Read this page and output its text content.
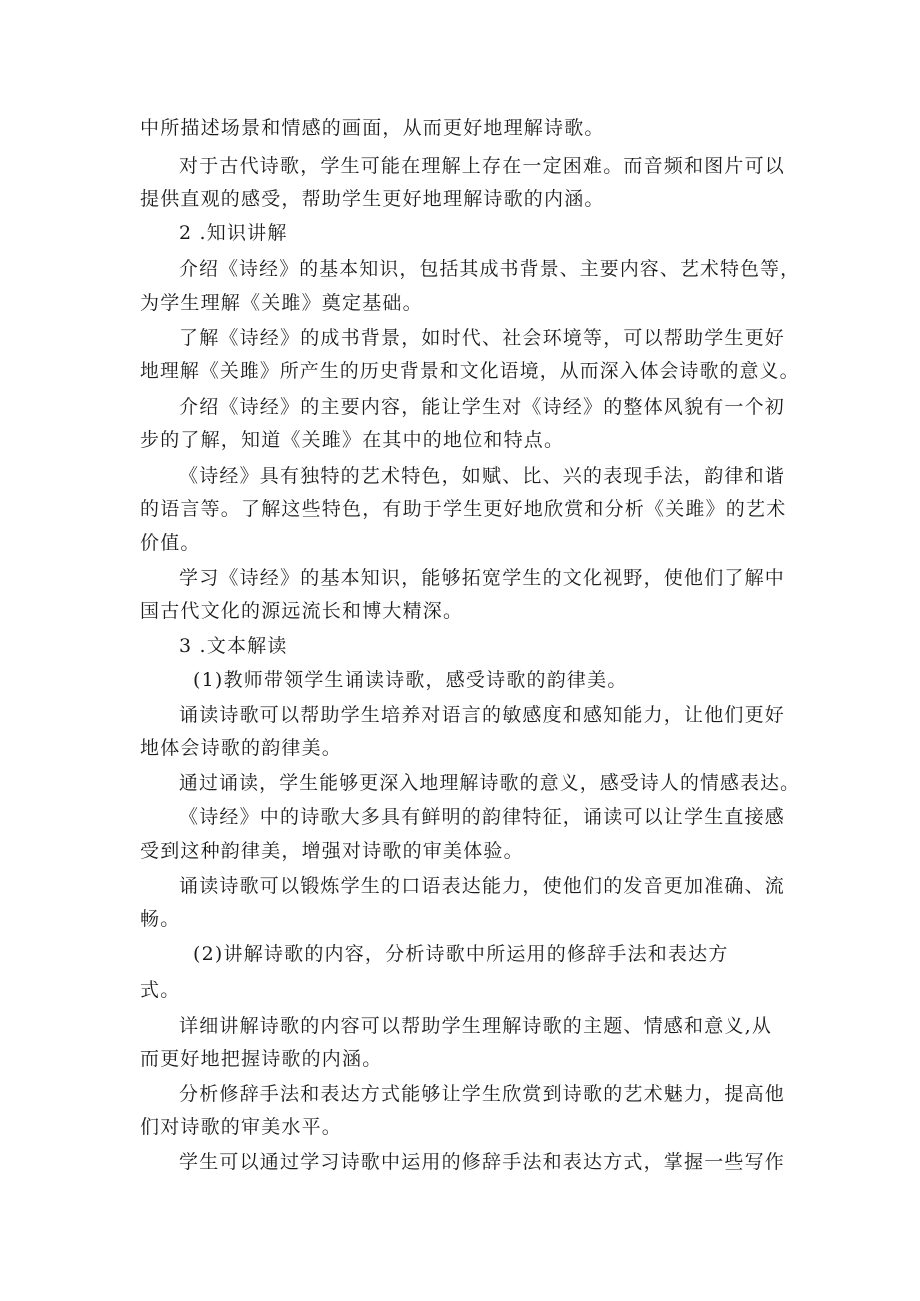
中所描述场景和情感的画面，从而更好地理解诗歌。
对于古代诗歌，学生可能在理解上存在一定困难。而音频和图片可以
提供直观的感受，帮助学生更好地理解诗歌的内涵。
2 .知识讲解
介绍《诗经》的基本知识，包括其成书背景、主要内容、艺术特色等，
为学生理解《关雎》奠定基础。
了解《诗经》的成书背景，如时代、社会环境等，可以帮助学生更好
地理解《关雎》所产生的历史背景和文化语境，从而深入体会诗歌的意义。
介绍《诗经》的主要内容，能让学生对《诗经》的整体风貌有一个初
步的了解，知道《关雎》在其中的地位和特点。
《诗经》具有独特的艺术特色，如赋、比、兴的表现手法，韵律和谐
的语言等。了解这些特色，有助于学生更好地欣赏和分析《关雎》的艺术
价值。
学习《诗经》的基本知识，能够拓宽学生的文化视野，使他们了解中
国古代文化的源远流长和博大精深。
3 .文本解读
(1)教师带领学生诵读诗歌，感受诗歌的韵律美。
诵读诗歌可以帮助学生培养对语言的敏感度和感知能力，让他们更好
地体会诗歌的韵律美。
通过诵读，学生能够更深入地理解诗歌的意义，感受诗人的情感表达。
《诗经》中的诗歌大多具有鲜明的韵律特征，诵读可以让学生直接感
受到这种韵律美，增强对诗歌的审美体验。
诵读诗歌可以锻炼学生的口语表达能力，使他们的发音更加准确、流
畅。
(2)讲解诗歌的内容，分析诗歌中所运用的修辞手法和表达方
式。
详细讲解诗歌的内容可以帮助学生理解诗歌的主题、情感和意义,从
而更好地把握诗歌的内涵。
分析修辞手法和表达方式能够让学生欣赏到诗歌的艺术魅力，提高他
们对诗歌的审美水平。
学生可以通过学习诗歌中运用的修辞手法和表达方式，掌握一些写作
